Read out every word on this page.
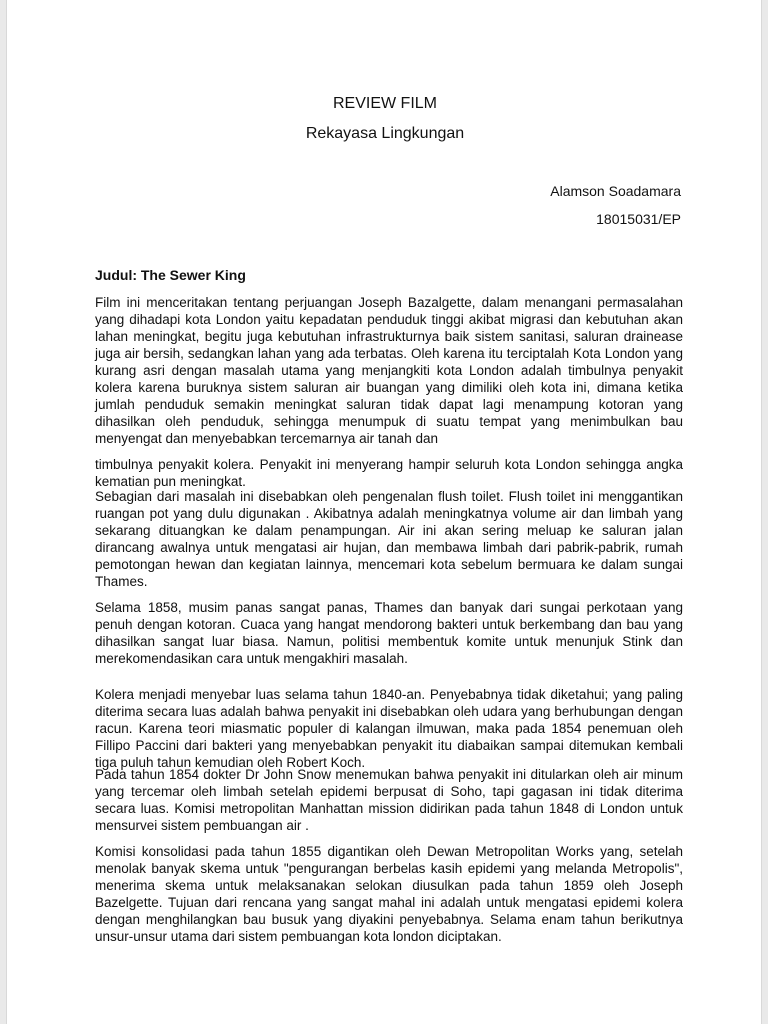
REVIEW FILM
Rekayasa Lingkungan
Alamson Soadamara
18015031/EP
Judul: The Sewer King

Film ini menceritakan tentang perjuangan Joseph Bazalgette, dalam menangani permasalahan yang dihadapi kota London yaitu kepadatan penduduk tinggi akibat migrasi dan kebutuhan akan lahan meningkat, begitu juga kebutuhan infrastrukturnya baik sistem sanitasi, saluran drainease juga air bersih, sedangkan lahan yang ada terbatas. Oleh karena itu terciptalah Kota London yang kurang asri dengan masalah utama yang menjangkiti kota London adalah timbulnya penyakit kolera karena buruknya sistem saluran air buangan yang dimiliki oleh kota ini, dimana ketika jumlah penduduk semakin meningkat saluran tidak dapat lagi menampung kotoran yang dihasilkan oleh penduduk, sehingga menumpuk di suatu tempat yang menimbulkan bau menyengat dan menyebabkan tercemarnya air tanah dan

timbulnya penyakit kolera. Penyakit ini menyerang hampir seluruh kota London sehingga angka kematian pun meningkat.

Sebagian dari masalah ini disebabkan oleh pengenalan flush toilet. Flush toilet ini menggantikan ruangan pot yang dulu digunakan . Akibatnya adalah meningkatnya volume air dan limbah yang sekarang dituangkan ke dalam penampungan. Air ini akan sering meluap ke saluran jalan dirancang awalnya untuk mengatasi air hujan, dan membawa limbah dari pabrik-pabrik, rumah pemotongan hewan dan kegiatan lainnya, mencemari kota sebelum bermuara ke dalam sungai Thames.

Selama 1858, musim panas sangat panas, Thames dan banyak dari sungai perkotaan yang penuh dengan kotoran. Cuaca yang hangat mendorong bakteri untuk berkembang dan bau yang dihasilkan sangat luar biasa. Namun, politisi membentuk komite untuk menunjuk Stink dan merekomendasikan cara untuk mengakhiri masalah.

Kolera menjadi menyebar luas selama tahun 1840-an. Penyebabnya tidak diketahui; yang paling diterima secara luas adalah bahwa penyakit ini disebabkan oleh udara yang berhubungan dengan racun. Karena teori miasmatic populer di kalangan ilmuwan, maka pada 1854 penemuan oleh Fillipo Paccini dari bakteri yang menyebabkan penyakit itu diabaikan sampai ditemukan kembali tiga puluh tahun kemudian oleh Robert Koch.

Pada tahun 1854 dokter Dr John Snow menemukan bahwa penyakit ini ditularkan oleh air minum yang tercemar oleh limbah setelah epidemi berpusat di Soho, tapi gagasan ini tidak diterima secara luas. Komisi metropolitan Manhattan mission didirikan pada tahun 1848 di London untuk mensurvei sistem pembuangan air .

Komisi konsolidasi pada tahun 1855 digantikan oleh Dewan Metropolitan Works yang, setelah menolak banyak skema untuk "pengurangan berbelas kasih epidemi yang melanda Metropolis", menerima skema untuk melaksanakan selokan diusulkan pada tahun 1859 oleh Joseph Bazelgette. Tujuan dari rencana yang sangat mahal ini adalah untuk mengatasi epidemi kolera dengan menghilangkan bau busuk yang diyakini penyebabnya. Selama enam tahun berikutnya unsur-unsur utama dari sistem pembuangan kota london diciptakan.
